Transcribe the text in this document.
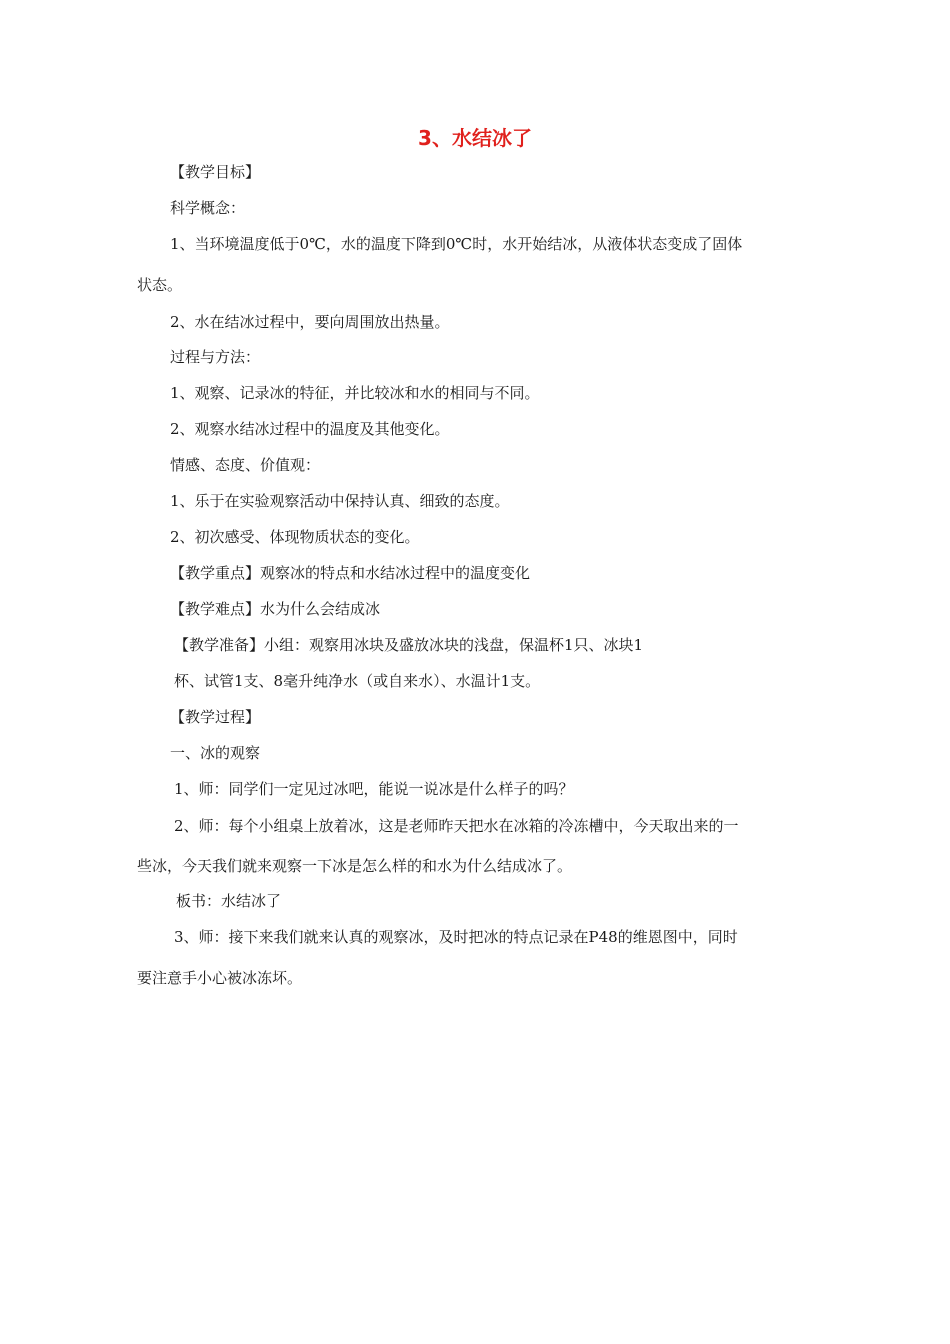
3、水结冰了
【教学目标】
科学概念：
1、当环境温度低于0℃，水的温度下降到0℃时，水开始结冰，从液体状态变成了固体
状态。
2、水在结冰过程中，要向周围放出热量。
过程与方法：
1、观察、记录冰的特征，并比较冰和水的相同与不同。
2、观察水结冰过程中的温度及其他变化。
情感、态度、价值观：
1、乐于在实验观察活动中保持认真、细致的态度。
2、初次感受、体现物质状态的变化。
【教学重点】观察冰的特点和水结冰过程中的温度变化
【教学难点】水为什么会结成冰
【教学准备】小组：观察用冰块及盛放冰块的浅盘，保温杯1只、冰块1
杯、试管1支、8毫升纯净水（或自来水）、水温计1支。
【教学过程】
一、冰的观察
1、师：同学们一定见过冰吧，能说一说冰是什么样子的吗？
2、师：每个小组桌上放着冰，这是老师昨天把水在冰箱的冷冻槽中，今天取出来的一
些冰，今天我们就来观察一下冰是怎么样的和水为什么结成冰了。
板书：水结冰了
3、师：接下来我们就来认真的观察冰，及时把冰的特点记录在P48的维恩图中，同时
要注意手小心被冰冻坏。
